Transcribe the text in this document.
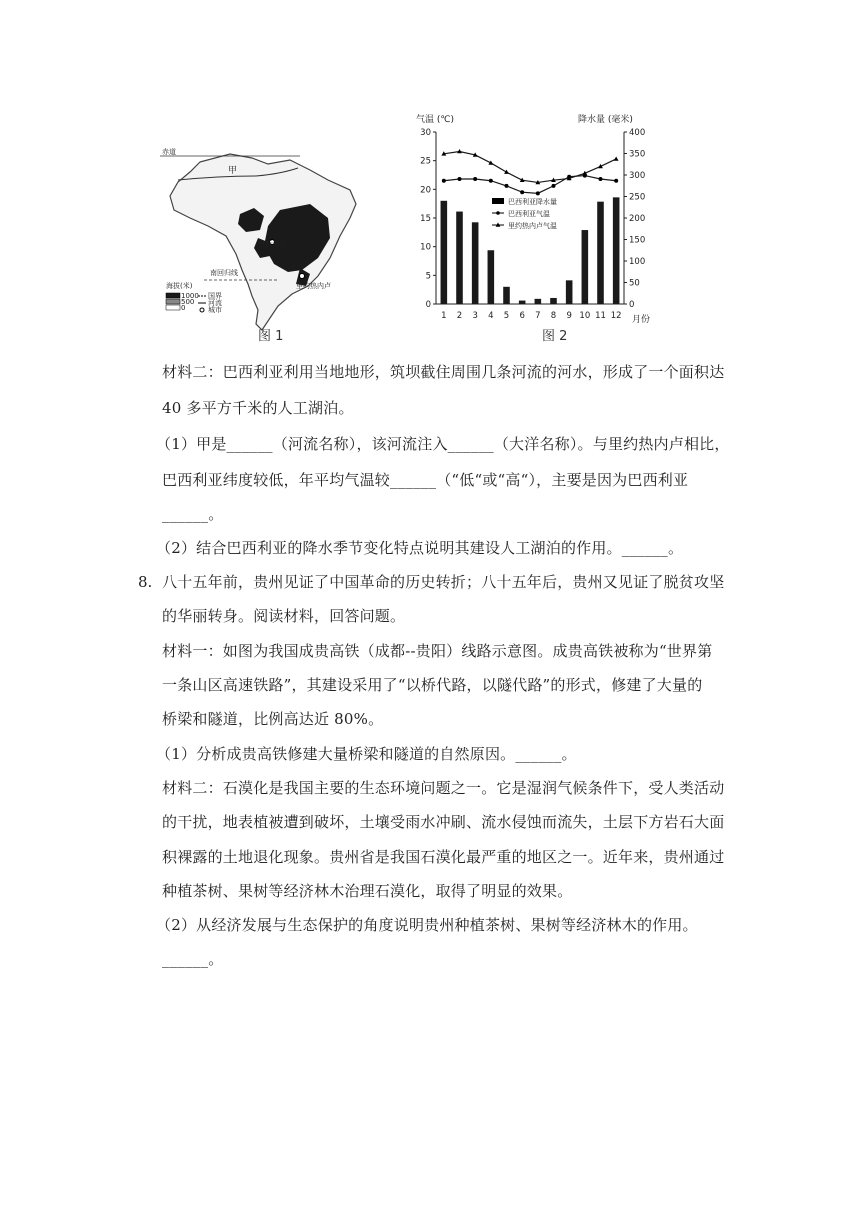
赤道
甲
巴西利亚
南回归线
里约热内卢
海拔(米)
1000
500
0
国界
河流
城市
图 1
气温 (℃)	降水量 (毫米)
月份
图 2
0
5
10
15
20
25
30
0
50
100
150
200
250
300
350
400
1 2 3 4 5 6 7 8 9 10 11 12
巴西利亚降水量
巴西利亚气温
里约热内卢气温
材料二：巴西利亚利用当地地形，筑坝截住周围几条河流的河水，形成了一个面积达
40 多平方千米的人工湖泊。
（1）甲是______（河流名称），该河流注入______（大洋名称）。与里约热内卢相比，
巴西利亚纬度较低，年平均气温较______（“低“或“高“），主要是因为巴西利亚
______。
（2）结合巴西利亚的降水季节变化特点说明其建设人工湖泊的作用。______。
8. 八十五年前，贵州见证了中国革命的历史转折；八十五年后，贵州又见证了脱贫攻坚
的华丽转身。阅读材料，回答问题。
材料一：如图为我国成贵高铁（成都--贵阳）线路示意图。成贵高铁被称为“世界第
一条山区高速铁路”，其建设采用了“以桥代路，以隧代路”的形式，修建了大量的
桥梁和隧道，比例高达近 80%。
（1）分析成贵高铁修建大量桥梁和隧道的自然原因。______。
材料二：石漠化是我国主要的生态环境问题之一。它是湿润气候条件下，受人类活动
的干扰，地表植被遭到破坏，土壤受雨水冲刷、流水侵蚀而流失，土层下方岩石大面
积裸露的土地退化现象。贵州省是我国石漠化最严重的地区之一。近年来，贵州通过
种植茶树、果树等经济林木治理石漠化，取得了明显的效果。
（2）从经济发展与生态保护的角度说明贵州种植茶树、果树等经济林木的作用。
______。
